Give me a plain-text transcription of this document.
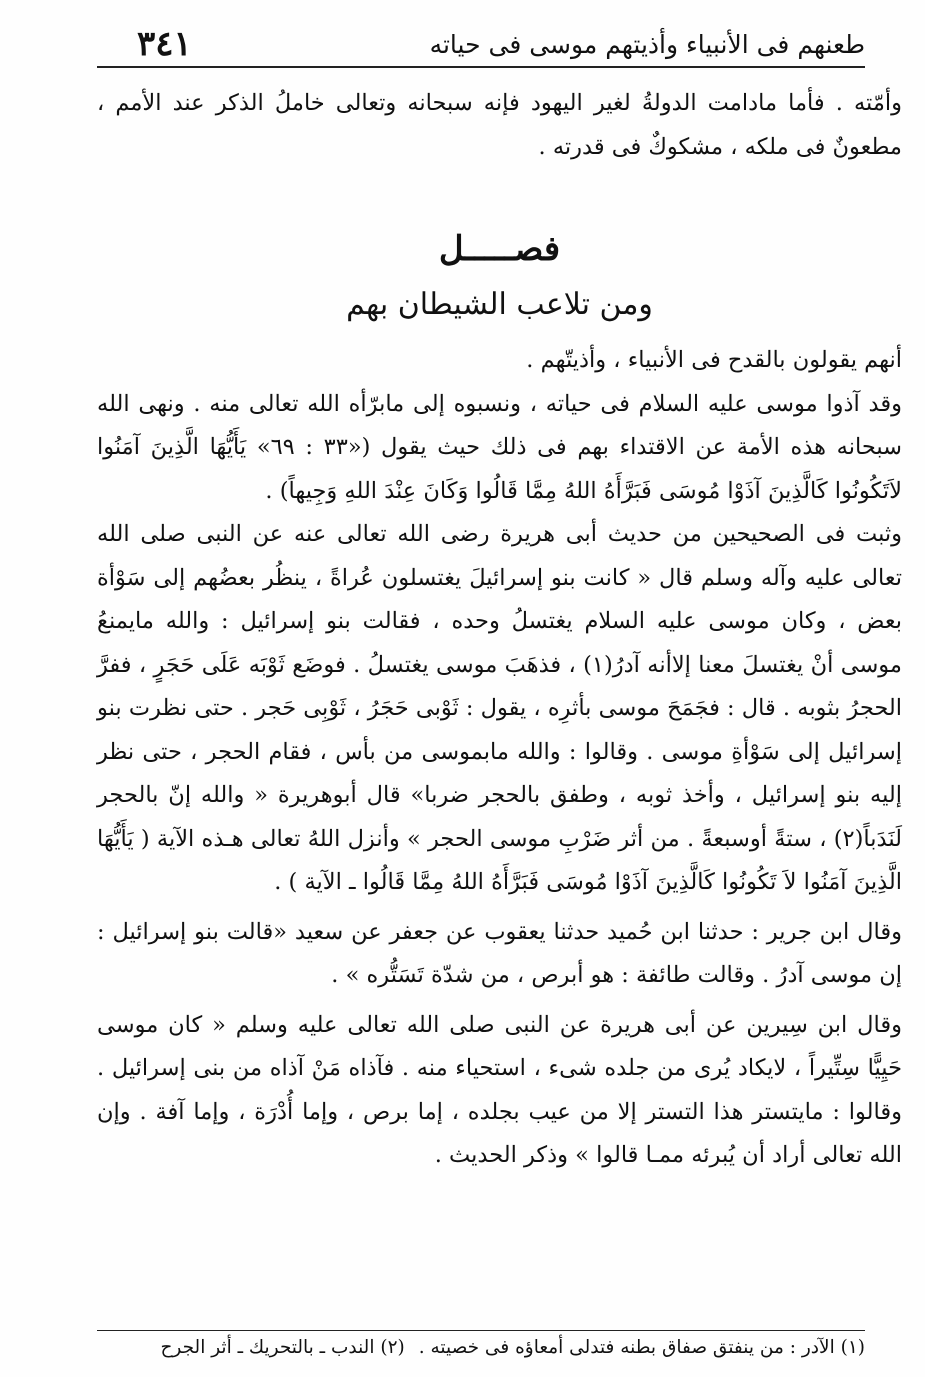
٣٤١	طعنهم فى الأنبياء وأذيتهم موسى فى حياته

وأمّته . فأما مادامت الدولةُ لغير اليهود فإنه سبحانه وتعالى خاملُ الذكر عند الأمم ، مطعونٌ فى ملكه ، مشكوكٌ فى قدرته .

فصـــــل

ومن تلاعب الشيطان بهم

أنهم يقولون بالقدح فى الأنبياء ، وأذيتّهم .

وقد آذوا موسى عليه السلام فى حياته ، ونسبوه إلى مابرّأه الله تعالى منه . ونهى الله سبحانه هذه الأمة عن الاقتداء بهم فى ذلك حيث يقول («٣٣ : ٦٩» يَأَيُّهَا الَّذِينَ آمَنُوا لاَتَكُونُوا كَالَّذِينَ آذَوْا مُوسَى فَبَرَّأَهُ اللهُ مِمَّا قَالُوا وَكَانَ عِنْدَ اللهِ وَجِيهاً) .

وثبت فى الصحيحين من حديث أبى هريرة رضى الله تعالى عنه عن النبى صلى الله تعالى عليه وآله وسلم قال « كانت بنو إسرائيلَ يغتسلون عُراةً ، ينظُر بعضُهم إلى سَوْأة بعض ، وكان موسى عليه السلام يغتسلُ وحده ، فقالت بنو إسرائيل : والله مايمنعُ موسى أنْ يغتسلَ معنا إلاأنه آدرُ(١) ، فذهَبَ موسى يغتسلُ . فوضَع ثَوْبَه عَلَى حَجَرٍ ، ففرَّ الحجرُ بثوبه . قال : فجَمَحَ موسى بأثرِه ، يقول : ثَوْبى حَجَرُ ، ثَوْبِى حَجر . حتى نظرت بنو إسرائيل إلى سَوْأةِ موسى . وقالوا : والله مابموسى من بأس ، فقام الحجر ، حتى نظر إليه بنو إسرائيل ، وأخذ ثوبه ، وطفق بالحجر ضربا» قال أبوهريرة « والله إنّ بالحجر لَنَدَباً(٢) ، ستةً أوسبعةً . من أثر ضَرْبِ موسى الحجر » وأنزل اللهُ تعالى هـذه الآية ( يَأَيُّهَا الَّذِينَ آمَنُوا لاَ تَكُونُوا كَالَّذِينَ آذَوْا مُوسَى فَبَرَّأَهُ اللهُ مِمَّا قَالُوا ـ الآية ) .

وقال ابن جرير : حدثنا ابن حُميد حدثنا يعقوب عن جعفر عن سعيد «قالت بنو إسرائيل : إن موسى آدرُ . وقالت طائفة : هو أبرص ، من شدّة تَسَتُّره » .

وقال ابن سِيرين عن أبى هريرة عن النبى صلى الله تعالى عليه وسلم « كان موسى حَيِيًّا سِتِّيراً ، لايكاد يُرى من جلده شىء ، استحياء منه . فآذاه مَنْ آذاه من بنى إسرائيل . وقالوا : مايتستر هذا التستر إلا من عيب بجلده ، إما برص ، وإما أُدْرَة ، وإما آفة . وإن الله تعالى أراد أن يُبرئه ممـا قالوا » وذكر الحديث .

(١) الآدر : من ينفتق صفاق بطنه فتدلى أمعاؤه فى خصيته .(٢) الندب ـ بالتحريك ـ أثر الجرح
